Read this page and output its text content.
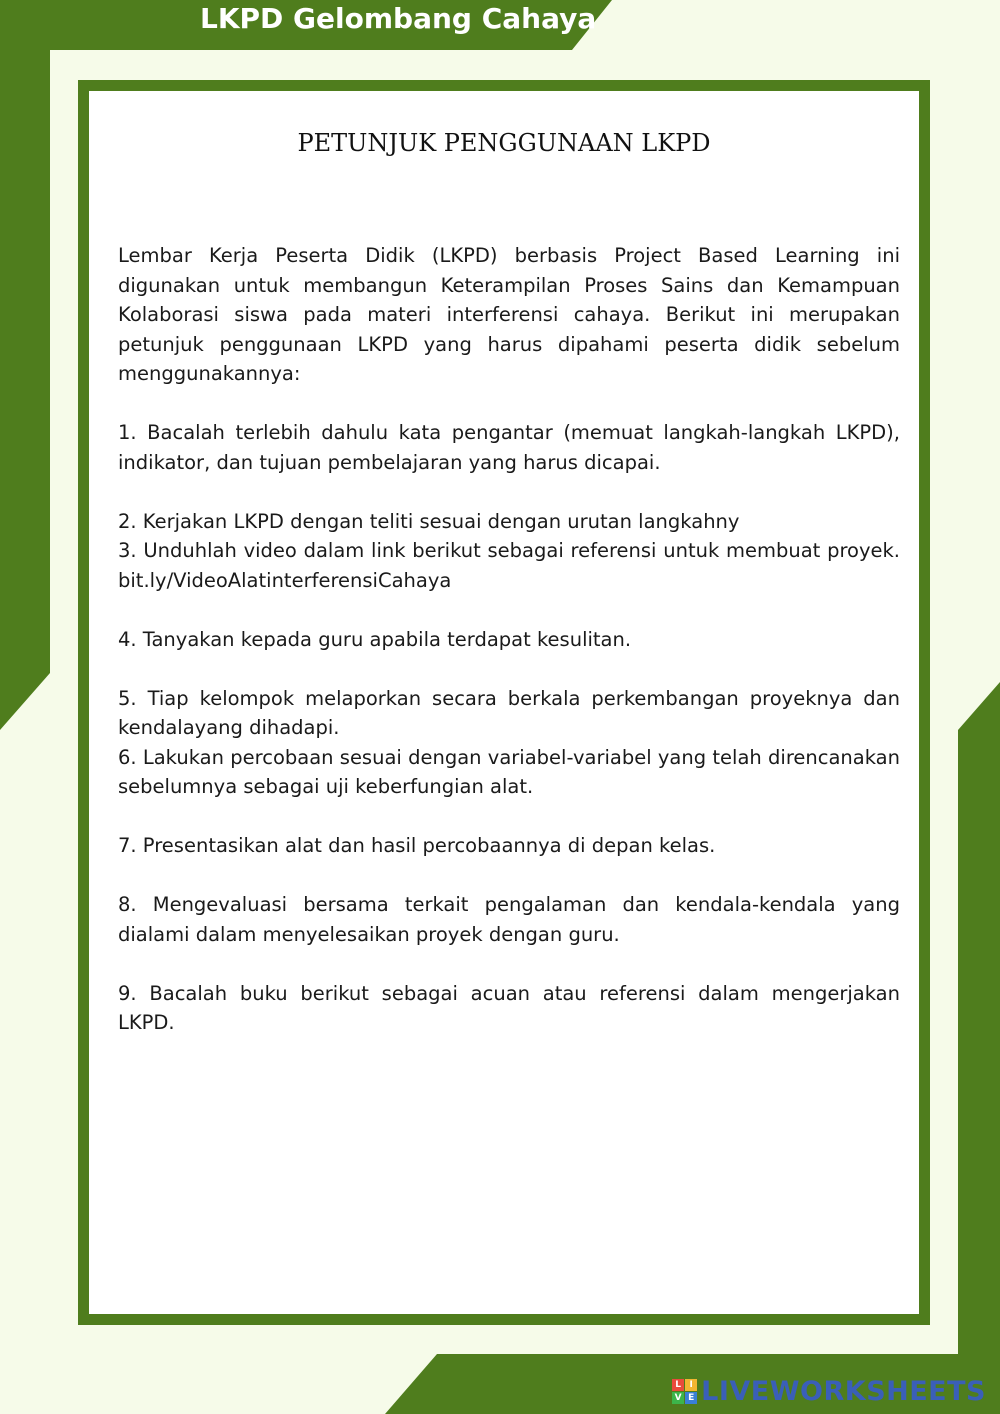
LKPD Gelombang Cahaya
PETUNJUK PENGGUNAAN LKPD

Lembar Kerja Peserta Didik (LKPD) berbasis Project Based Learning ini digunakan untuk membangun Keterampilan Proses Sains dan Kemampuan Kolaborasi siswa pada materi interferensi cahaya. Berikut ini merupakan petunjuk penggunaan LKPD yang harus dipahami peserta didik sebelum menggunakannya:

1. Bacalah terlebih dahulu kata pengantar (memuat langkah-langkah LKPD), indikator, dan tujuan pembelajaran yang harus dicapai.

2. Kerjakan LKPD dengan teliti sesuai dengan urutan langkahny

3. Unduhlah video dalam link berikut sebagai referensi untuk membuat proyek. bit.ly/VideoAlatinterferensiCahaya

4. Tanyakan kepada guru apabila terdapat kesulitan.

5. Tiap kelompok melaporkan secara berkala perkembangan proyeknya dan kendalayang dihadapi.

6. Lakukan percobaan sesuai dengan variabel-variabel yang telah direncanakan sebelumnya sebagai uji keberfungian alat.

7. Presentasikan alat dan hasil percobaannya di depan kelas.

8. Mengevaluasi bersama terkait pengalaman dan kendala-kendala yang dialami dalam menyelesaikan proyek dengan guru.

9. Bacalah buku berikut sebagai acuan atau referensi dalam mengerjakan LKPD.

L I
V E LIVEWORKSHEETS
